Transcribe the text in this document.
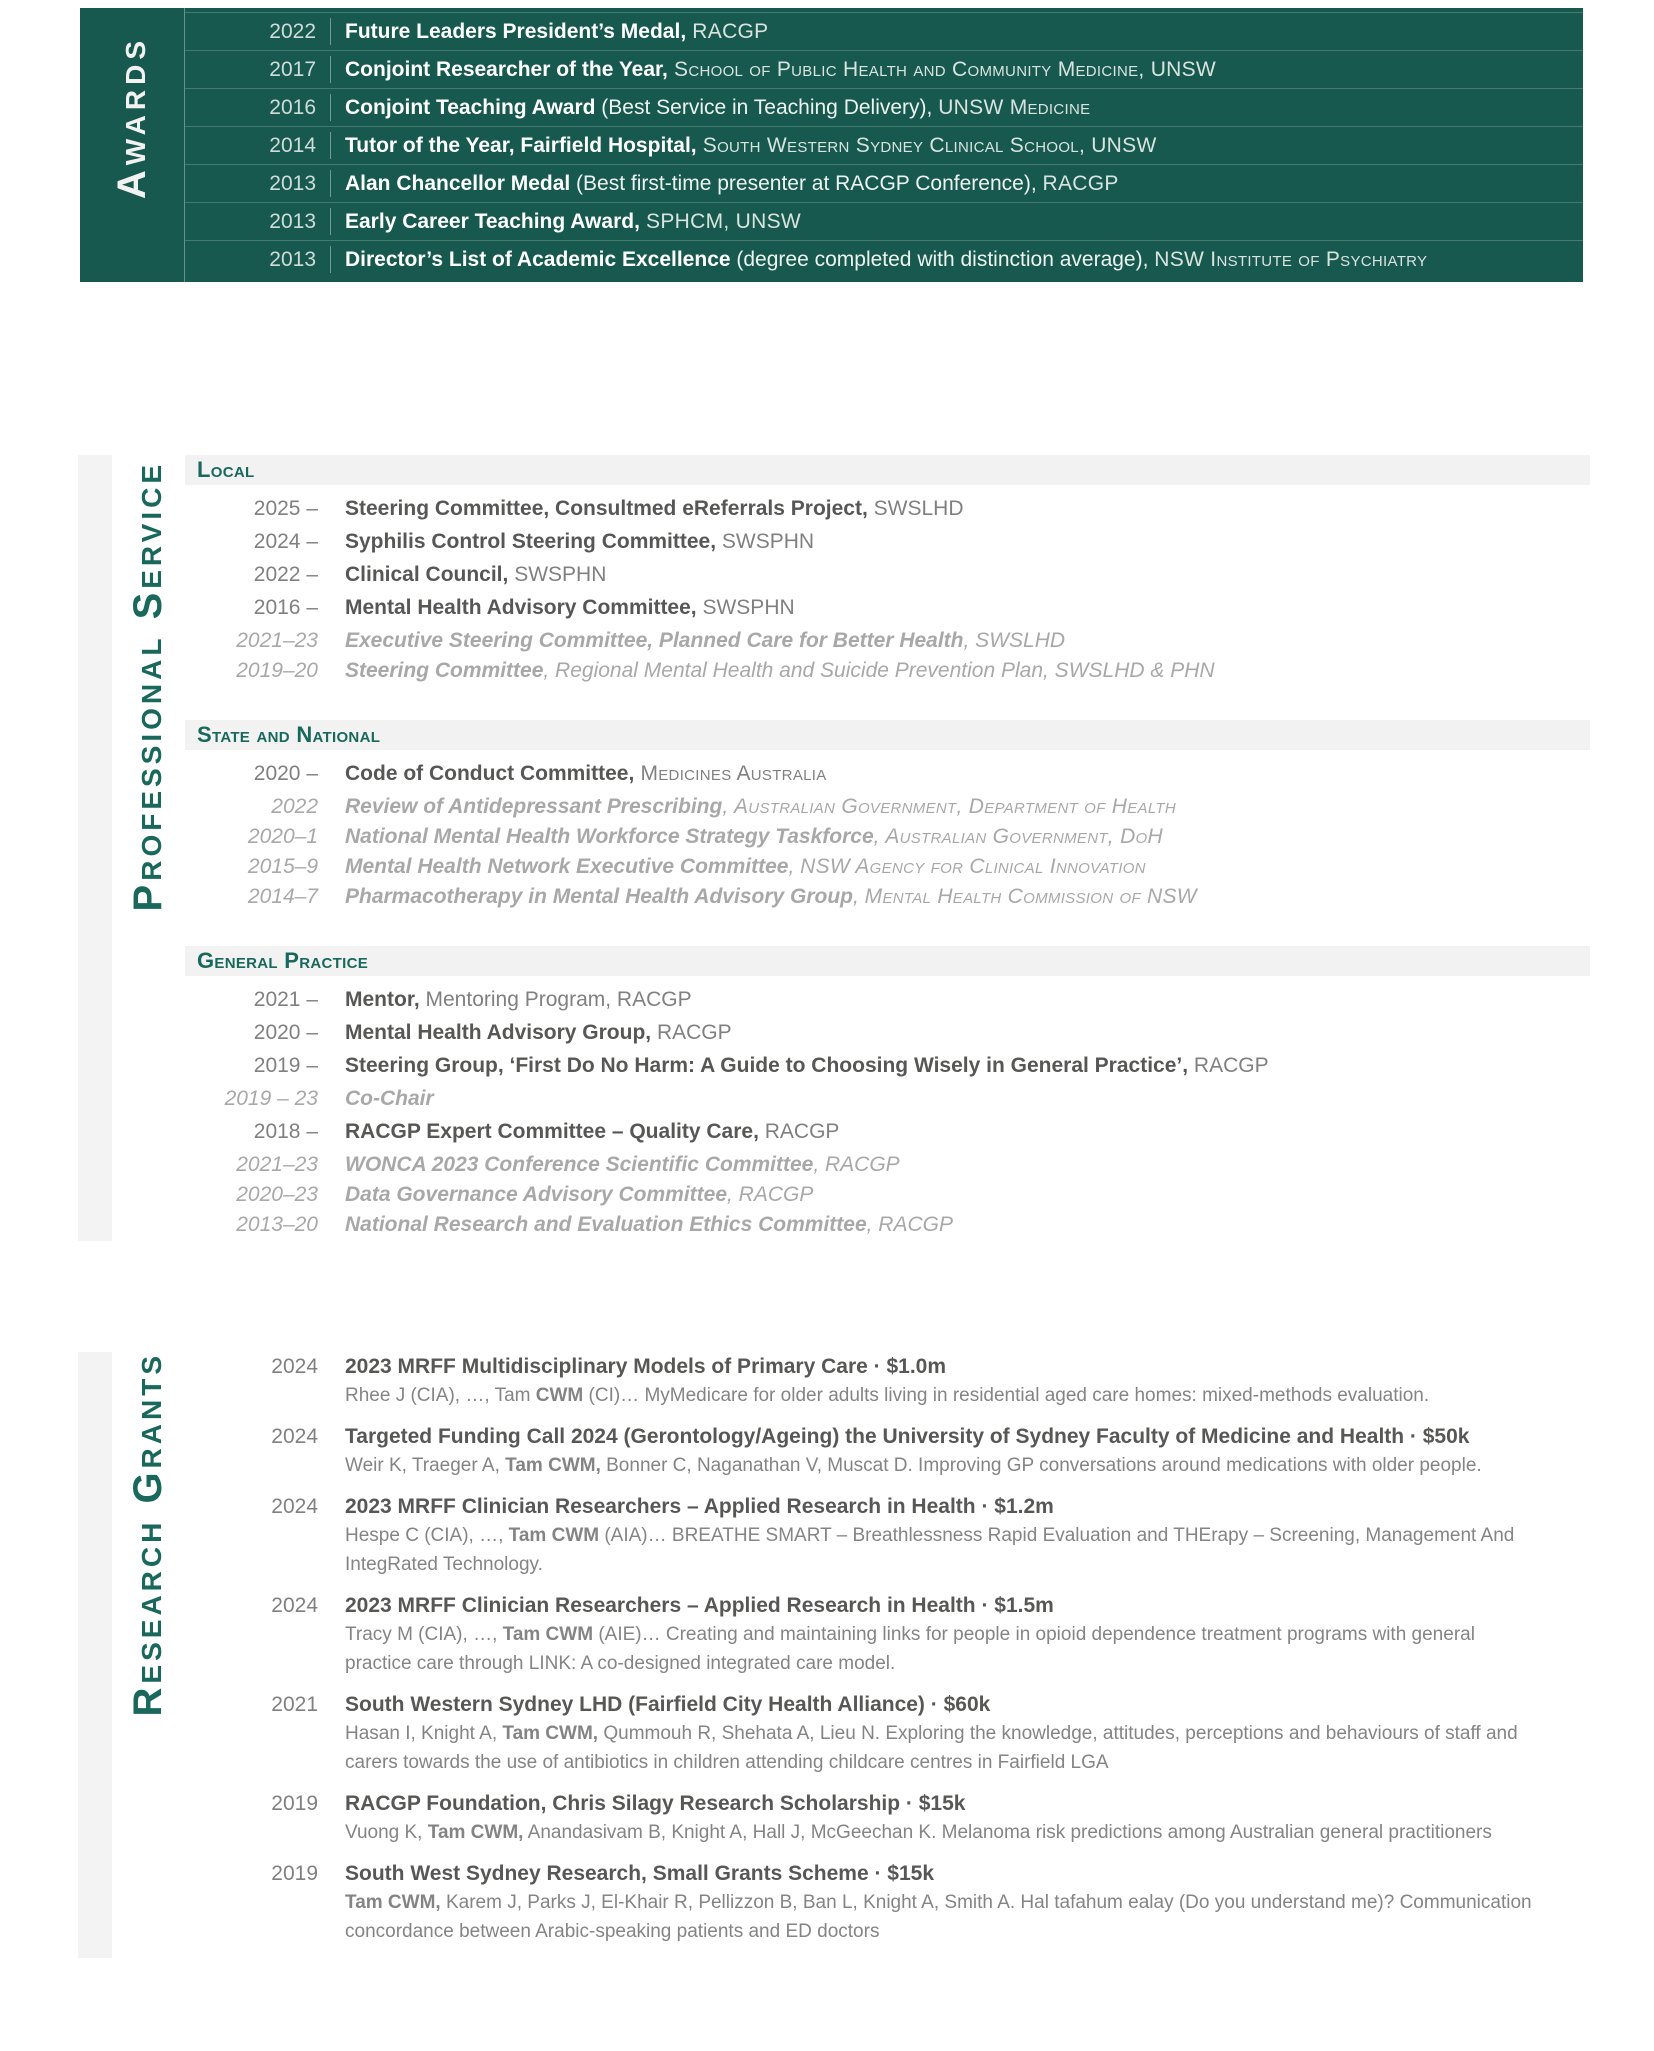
Awards
2022	Future Leaders President’s Medal, RACGP
2017	Conjoint Researcher of the Year, School of Public Health and Community Medicine, UNSW
2016	Conjoint Teaching Award (Best Service in Teaching Delivery), UNSW Medicine
2014	Tutor of the Year, Fairfield Hospital, South Western Sydney Clinical School, UNSW
2013	Alan Chancellor Medal (Best first-time presenter at RACGP Conference), RACGP
2013	Early Career Teaching Award, SPHCM, UNSW
2013	Director’s List of Academic Excellence (degree completed with distinction average), NSW Institute of Psychiatry
Professional Service	Local
2025 –	Steering Committee, Consultmed eReferrals Project, SWSLHD
2024 –	Syphilis Control Steering Committee, SWSPHN
2022 –	Clinical Council, SWSPHN
2016 –	Mental Health Advisory Committee, SWSPHN
2021–23	Executive Steering Committee, Planned Care for Better Health, SWSLHD
2019–20	Steering Committee, Regional Mental Health and Suicide Prevention Plan, SWSLHD & PHN
State and National
2020 –	Code of Conduct Committee, Medicines Australia
2022	Review of Antidepressant Prescribing, Australian Government, Department of Health
2020–1	National Mental Health Workforce Strategy Taskforce, Australian Government, DoH
2015–9	Mental Health Network Executive Committee, NSW Agency for Clinical Innovation
2014–7	Pharmacotherapy in Mental Health Advisory Group, Mental Health Commission of NSW
General Practice
2021 –	Mentor, Mentoring Program, RACGP
2020 –	Mental Health Advisory Group, RACGP
2019 –	Steering Group, ‘First Do No Harm: A Guide to Choosing Wisely in General Practice’, RACGP
2019 – 23	Co-Chair
2018 –	RACGP Expert Committee – Quality Care, RACGP
2021–23	WONCA 2023 Conference Scientific Committee, RACGP
2020–23	Data Governance Advisory Committee, RACGP
2013–20	National Research and Evaluation Ethics Committee, RACGP
Research Grants	2024 2023 MRFF Multidisciplinary Models of Primary Care · $1.0m
Rhee J (CIA), …, Tam CWM (CI)… MyMedicare for older adults living in residential aged care homes: mixed-methods evaluation.
2024 Targeted Funding Call 2024 (Gerontology/Ageing) the University of Sydney Faculty of Medicine and Health · $50k
Weir K, Traeger A, Tam CWM, Bonner C, Naganathan V, Muscat D. Improving GP conversations around medications with older people.
2024 2023 MRFF Clinician Researchers – Applied Research in Health · $1.2m
Hespe C (CIA), …, Tam CWM (AIA)… BREATHE SMART – Breathlessness Rapid Evaluation and THErapy – Screening, Management And IntegRated Technology.
2024 2023 MRFF Clinician Researchers – Applied Research in Health · $1.5m
Tracy M (CIA), …, Tam CWM (AIE)… Creating and maintaining links for people in opioid dependence treatment programs with general practice care through LINK: A co-designed integrated care model.
2021 South Western Sydney LHD (Fairfield City Health Alliance) · $60k
Hasan I, Knight A, Tam CWM, Qummouh R, Shehata A, Lieu N. Exploring the knowledge, attitudes, perceptions and behaviours of staff and carers towards the use of antibiotics in children attending childcare centres in Fairfield LGA
2019 RACGP Foundation, Chris Silagy Research Scholarship · $15k
Vuong K, Tam CWM, Anandasivam B, Knight A, Hall J, McGeechan K. Melanoma risk predictions among Australian general practitioners
2019 South West Sydney Research, Small Grants Scheme · $15k
Tam CWM, Karem J, Parks J, El-Khair R, Pellizzon B, Ban L, Knight A, Smith A. Hal tafahum ealay (Do you understand me)? Communication concordance between Arabic-speaking patients and ED doctors
